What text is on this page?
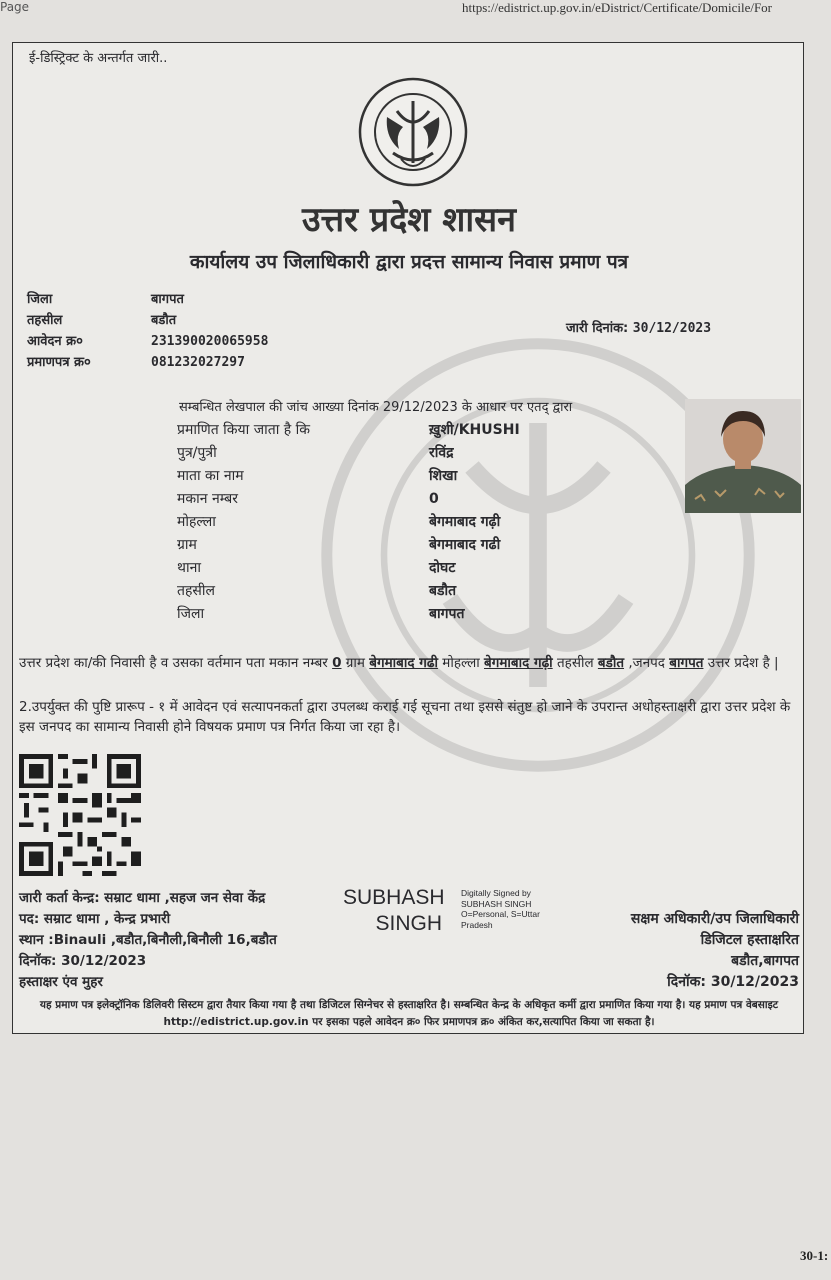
Page	https://edistrict.up.gov.in/eDistrict/Certificate/Domicile/For
ई-डिस्ट्रिक्ट के अन्तर्गत जारी..
उत्तर प्रदेश शासन
कार्यालय उप जिलाधिकारी द्वारा प्रदत्त सामान्य निवास प्रमाण पत्र
जिला
तहसील
आवेदन क्र०
प्रमाणपत्र क्र०
बागपत
बडौत
231390020065958
081232027297
जारी दिनांक: 30/12/2023
सम्बन्धित लेखपाल की जांच आख्या दिनांक 29/12/2023 के आधार पर एतद् द्वारा
प्रमाणित किया जाता है कि
पुत्र/पुत्री
माता का नाम
मकान नम्बर
मोहल्ला
ग्राम
थाना
तहसील
जिला
ख़ुशी/KHUSHI
रविंद्र
शिखा
0
बेगमाबाद गढ़ी
बेगमाबाद गढी
दोघट
बडौत
बागपत
उत्तर प्रदेश का/की निवासी है व उसका वर्तमान पता मकान नम्बर 0 ग्राम बेगमाबाद गढी मोहल्ला बेगमाबाद गढ़ी तहसील बडौत ,जनपद बागपत उत्तर प्रदेश है |
2.उपर्युक्त की पुष्टि प्रारूप - १ में आवेदन एवं सत्यापनकर्ता द्वारा उपलब्ध कराई गई सूचना तथा इससे संतुष्ट हो जाने के उपरान्त अधोहस्ताक्षरी द्वारा उत्तर प्रदेश के इस जनपद का सामान्य निवासी होने विषयक प्रमाण पत्र निर्गत किया जा रहा है।
जारी कर्ता केन्द्र: सम्राट धामा ,सहज जन सेवा केंद्र
पद: सम्राट धामा , केन्द्र प्रभारी
स्थान :Binauli ,बडौत,बिनौली,बिनौली 16,बडौत
दिनॉक: 30/12/2023
हस्ताक्षर एंव मुहर
SUBHASH
SINGH
Digitally Signed by
SUBHASH SINGH
O=Personal, S=Uttar
Pradesh	सक्षम अधिकारी/उप जिलाधिकारी
डिजिटल हस्ताक्षरित
बडौत,बागपत
दिनॉक: 30/12/2023
यह प्रमाण पत्र इलेक्ट्रॉनिक डिलिवरी सिस्टम द्वारा तैयार किया गया है तथा डिजिटल सिग्नेचर से हस्ताक्षरित है। सम्बन्धित केन्द्र के अधिकृत कर्मी द्वारा प्रमाणित किया गया है। यह प्रमाण पत्र वेबसाइट http://edistrict.up.gov.in पर इसका पहले आवेदन क्र० फिर प्रमाणपत्र क्र० अंकित कर,सत्यापित किया जा सकता है।
30-1:
